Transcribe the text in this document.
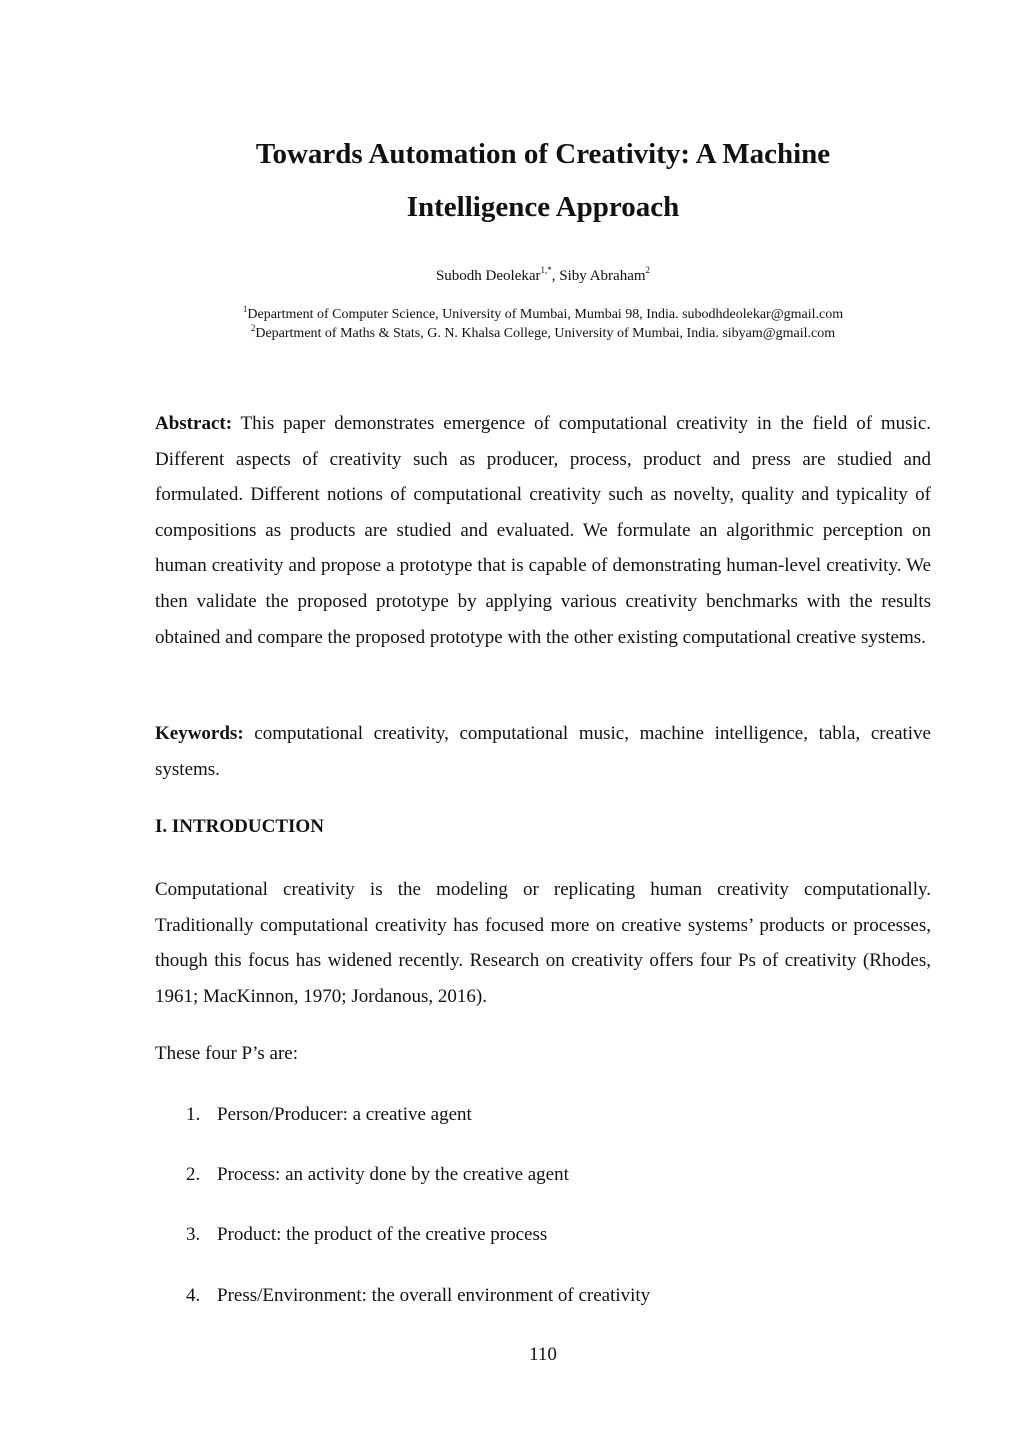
Towards Automation of Creativity: A Machine
Intelligence Approach
Subodh Deolekar$^{1,*}$, Siby Abraham$^2$
$^1$Department of Computer Science, University of Mumbai, Mumbai 98, India. subodhdeolekar@gmail.com
$^2$Department of Maths & Stats, G. N. Khalsa College, University of Mumbai, India. sibyam@gmail.com

Abstract: This paper demonstrates emergence of computational creativity in the field of music. Different aspects of creativity such as producer, process, product and press are studied and formulated. Different notions of computational creativity such as novelty, quality and typicality of compositions as products are studied and evaluated. We formulate an algorithmic perception on human creativity and propose a prototype that is capable of demonstrating human-level creativity. We then validate the proposed prototype by applying various creativity benchmarks with the results obtained and compare the proposed prototype with the other existing computational creative systems.

Keywords: computational creativity, computational music, machine intelligence, tabla, creative systems.

I. INTRODUCTION

Computational creativity is the modeling or replicating human creativity computationally. Traditionally computational creativity has focused more on creative systems’ products or processes, though this focus has widened recently. Research on creativity offers four Ps of creativity (Rhodes, 1961; MacKinnon, 1970; Jordanous, 2016).

These four P’s are:

1. Person/Producer: a creative agent
2. Process: an activity done by the creative agent
3. Product: the product of the creative process
4. Press/Environment: the overall environment of creativity
110
